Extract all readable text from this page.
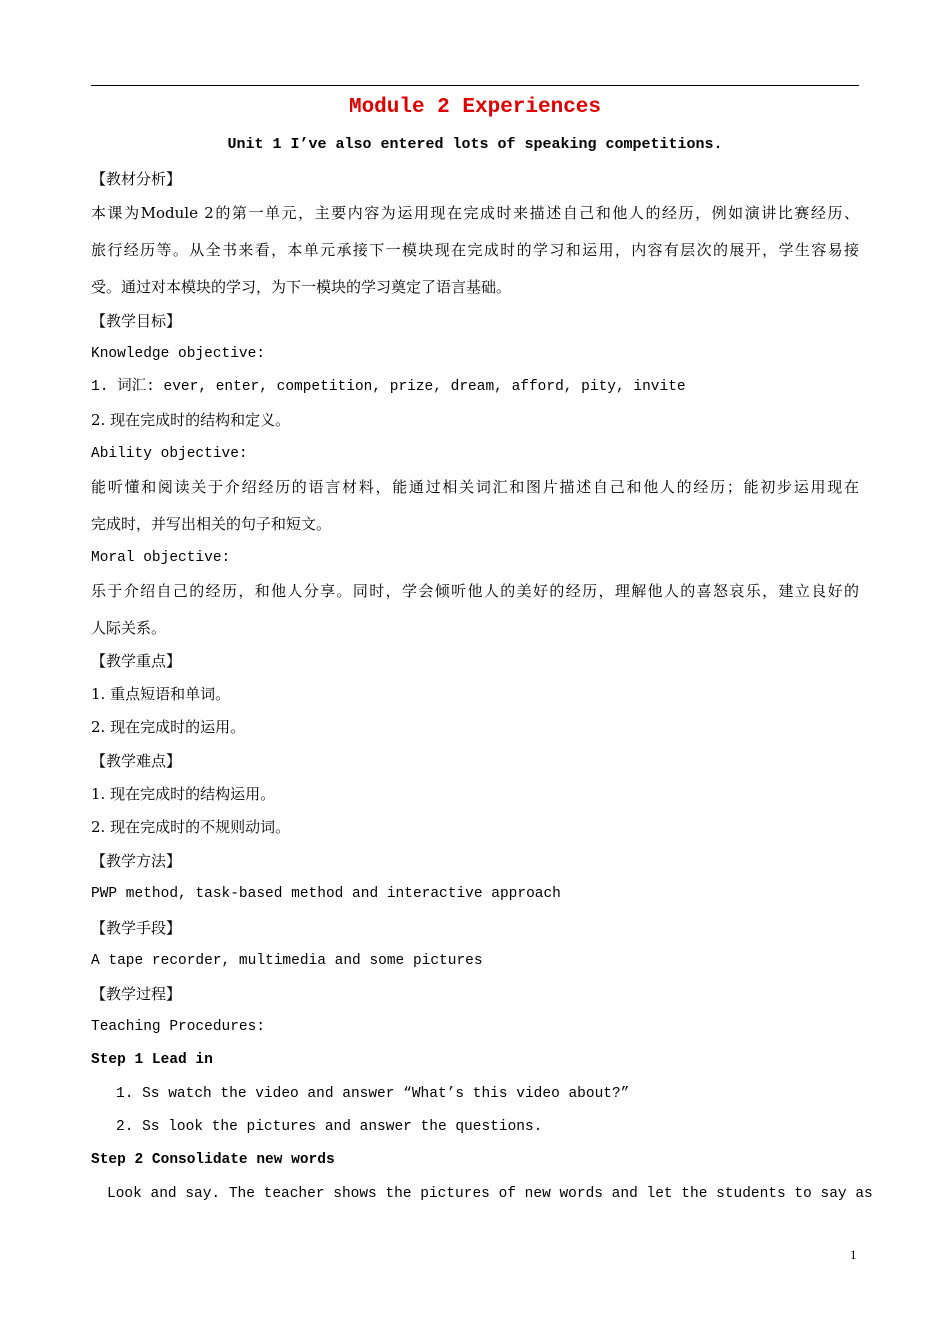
Module 2 Experiences
Unit 1 I’ve also entered lots of speaking competitions.
【教材分析】
本课为Module 2的第一单元，主要内容为运用现在完成时来描述自己和他人的经历，例如演讲比赛经历、
旅行经历等。从全书来看，本单元承接下一模块现在完成时的学习和运用，内容有层次的展开，学生容易接
受。通过对本模块的学习，为下一模块的学习奠定了语言基础。
【教学目标】
Knowledge objective:
1. 词汇: ever, enter, competition, prize, dream, afford, pity, invite
2. 现在完成时的结构和定义。
Ability objective:
能听懂和阅读关于介绍经历的语言材料，能通过相关词汇和图片描述自己和他人的经历；能初步运用现在
完成时，并写出相关的句子和短文。
Moral objective:
乐于介绍自己的经历，和他人分享。同时，学会倾听他人的美好的经历，理解他人的喜怒哀乐，建立良好的
人际关系。
【教学重点】
1. 重点短语和单词。
2. 现在完成时的运用。
【教学难点】
1. 现在完成时的结构运用。
2. 现在完成时的不规则动词。
【教学方法】
PWP method, task-based method and interactive approach
【教学手段】
A tape recorder, multimedia and some pictures
【教学过程】
Teaching Procedures:
Step 1 Lead in
1. Ss watch the video and answer “What’s this video about?”
2. Ss look the pictures and answer the questions.
Step 2 Consolidate new words
Look and say. The teacher shows the pictures of new words and let the students to say as
1
